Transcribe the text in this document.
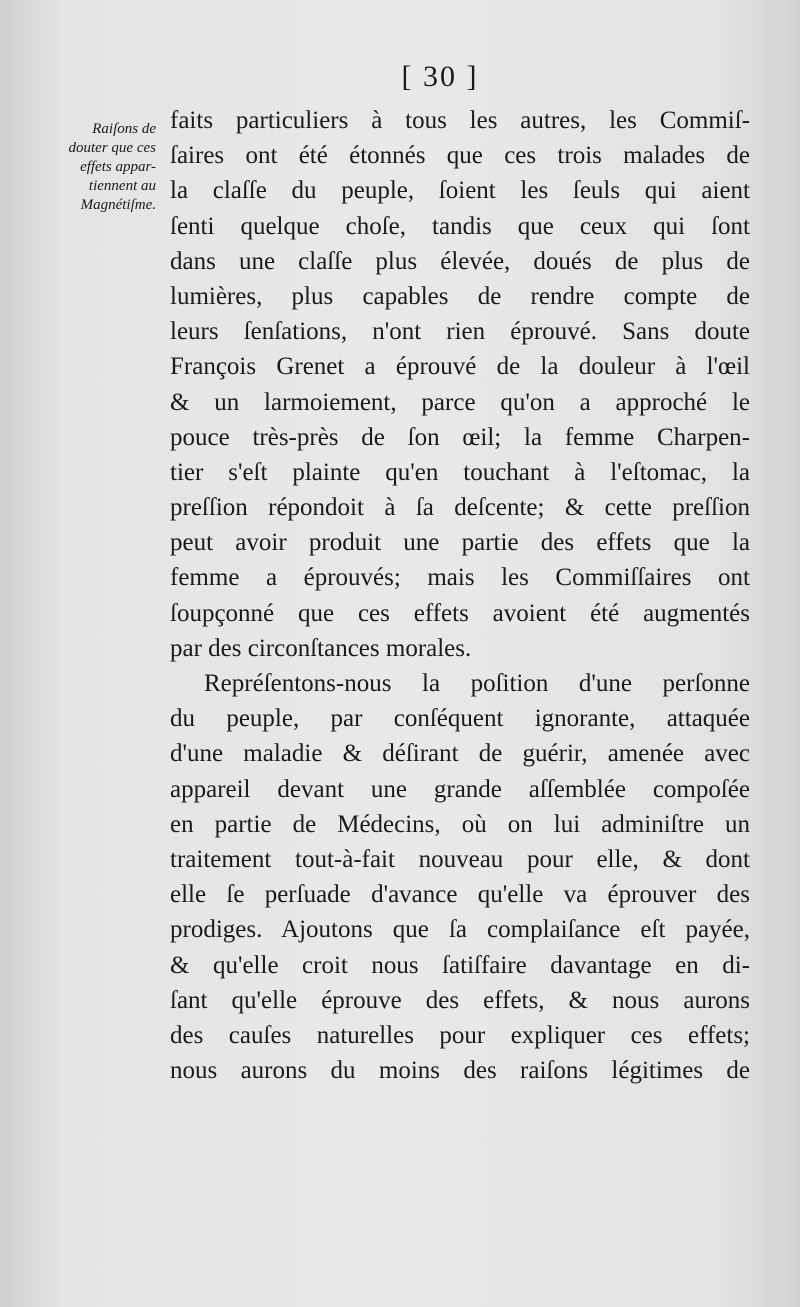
[ 30 ]
Raiſons de
douter que ces
effets appar-
tiennent au
Magnétiſme.
faits particuliers à tous les autres, les Commiſ-
ſaires ont été étonnés que ces trois malades de
la claſſe du peuple, ſoient les ſeuls qui aient
ſenti quelque choſe, tandis que ceux qui ſont
dans une claſſe plus élevée, doués de plus de
lumières, plus capables de rendre compte de
leurs ſenſations, n'ont rien éprouvé. Sans doute
François Grenet a éprouvé de la douleur à l'œil
& un larmoiement, parce qu'on a approché le
pouce très-près de ſon œil; la femme Charpen-
tier s'eſt plainte qu'en touchant à l'eſtomac, la
preſſion répondoit à ſa deſcente; & cette preſſion
peut avoir produit une partie des effets que la
femme a éprouvés; mais les Commiſſaires ont
ſoupçonné que ces effets avoient été augmentés
par des circonſtances morales.
Repréſentons-nous la poſition d'une perſonne
du peuple, par conſéquent ignorante, attaquée
d'une maladie & déſirant de guérir, amenée avec
appareil devant une grande aſſemblée compoſée
en partie de Médecins, où on lui adminiſtre un
traitement tout-à-fait nouveau pour elle, & dont
elle ſe perſuade d'avance qu'elle va éprouver des
prodiges. Ajoutons que ſa complaiſance eſt payée,
& qu'elle croit nous ſatiſfaire davantage en di-
ſant qu'elle éprouve des effets, & nous aurons
des cauſes naturelles pour expliquer ces effets;
nous aurons du moins des raiſons légitimes de
